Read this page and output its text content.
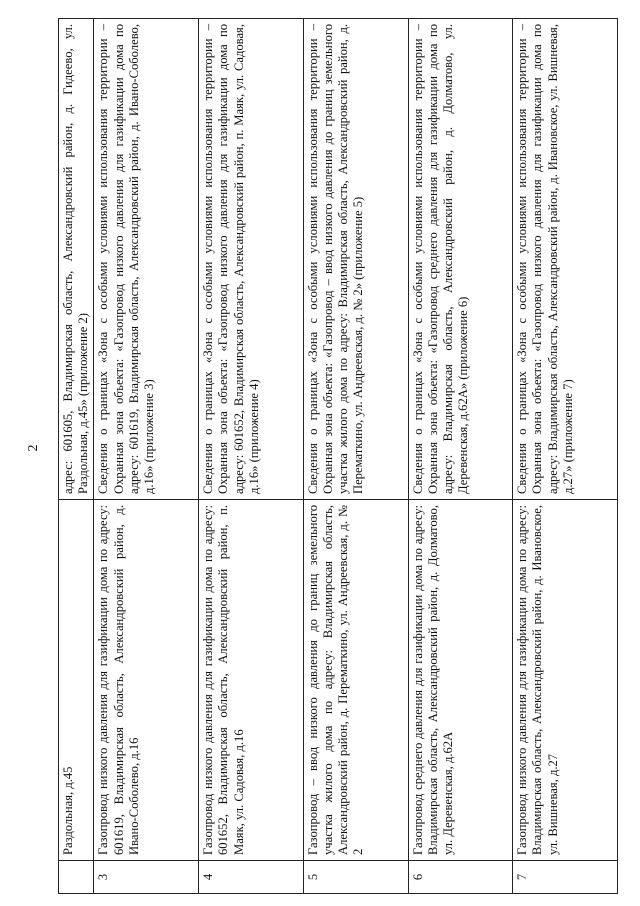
2
	Раздольная, д.45	адрес: 601605, Владимирская область, Александровский район, д. Гидеево, ул. Раздольная, д.45» (приложение 2)
3	Газопровод низкого давления для газификации дома по адресу: 601619, Владимирская область, Александровский район, д. Ивано-Соболево, д.16	Сведения о границах «Зона с особыми условиями использования территории – Охранная зона объекта: «Газопровод низкого давления для газификации дома по адресу: 601619, Владимирская область, Александровский район, д. Ивано-Соболево, д.16» (приложение 3)
4	Газопровод низкого давления для газификации дома по адресу: 601652, Владимирская область, Александровский район, п. Маяк, ул. Садовая, д.16	Сведения о границах «Зона с особыми условиями использования территории – Охранная зона объекта: «Газопровод низкого давления для газификации дома по адресу: 601652, Владимирская область, Александровский район, п. Маяк, ул. Садовая, д.16» (приложение 4)
5	Газопровод – ввод низкого давления до границ земельного участка жилого дома по адресу: Владимирская область, Александровский район, д. Перематкино, ул. Андреевская, д. № 2	Сведения о границах «Зона с особыми условиями использования территории – Охранная зона объекта: «Газопровод – ввод низкого давления до границ земельного участка жилого дома по адресу: Владимирская область, Александровский район, д. Перематкино, ул. Андреевская, д. № 2» (приложение 5)
6	Газопровод среднего давления для газификации дома по адресу: Владимирская область, Александровский район, д. Долматово, ул. Деревенская, д.62А	Сведения о границах «Зона с особыми условиями использования территории – Охранная зона объекта: «Газопровод среднего давления для газификации дома по адресу: Владимирская область, Александровский район, д. Долматово, ул. Деревенская, д.62А» (приложение 6)
7	Газопровод низкого давления для газификации дома по адресу: Владимирская область, Александровский район, д. Ивановское, ул. Вишневая, д.27	Сведения о границах «Зона с особыми условиями использования территории – Охранная зона объекта: «Газопровод низкого давления для газификации дома по адресу: Владимирская область, Александровский район, д. Ивановское, ул. Вишневая, д.27» (приложение 7)
